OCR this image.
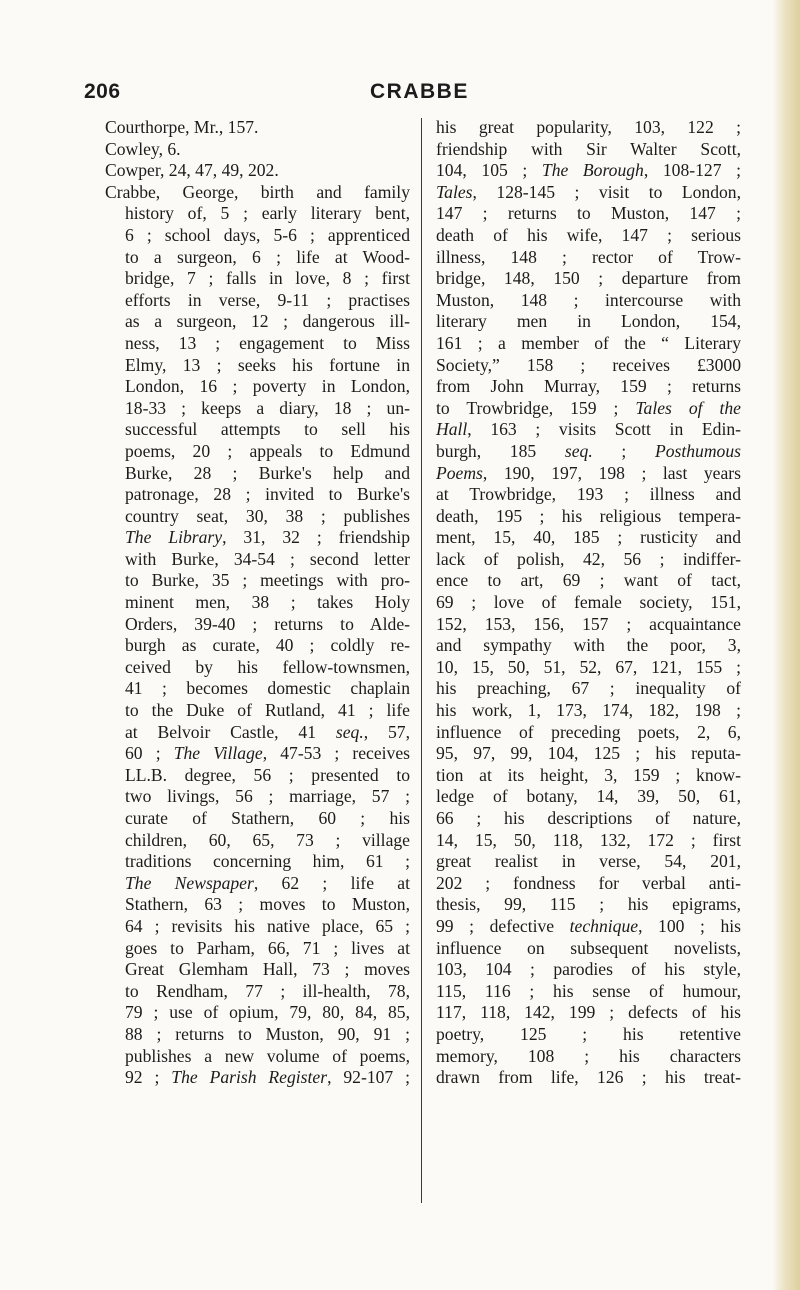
206	CRABBE
Courthorpe, Mr., 157.
Cowley, 6.
Cowper, 24, 47, 49, 202.
Crabbe, George, birth and family
history of, 5 ; early literary bent,
6 ; school days, 5-6 ; apprenticed
to a surgeon, 6 ; life at Wood-
bridge, 7 ; falls in love, 8 ; first
efforts in verse, 9-11 ; practises
as a surgeon, 12 ; dangerous ill-
ness, 13 ; engagement to Miss
Elmy, 13 ; seeks his fortune in
London, 16 ; poverty in London,
18-33 ; keeps a diary, 18 ; un-
successful attempts to sell his
poems, 20 ; appeals to Edmund
Burke, 28 ; Burke's help and
patronage, 28 ; invited to Burke's
country seat, 30, 38 ; publishes
The Library, 31, 32 ; friendship
with Burke, 34-54 ; second letter
to Burke, 35 ; meetings with pro-
minent men, 38 ; takes Holy
Orders, 39-40 ; returns to Alde-
burgh as curate, 40 ; coldly re-
ceived by his fellow-townsmen,
41 ; becomes domestic chaplain
to the Duke of Rutland, 41 ; life
at Belvoir Castle, 41 seq., 57,
60 ; The Village, 47-53 ; receives
LL.B. degree, 56 ; presented to
two livings, 56 ; marriage, 57 ;
curate of Stathern, 60 ; his
children, 60, 65, 73 ; village
traditions concerning him, 61 ;
The Newspaper, 62 ; life at
Stathern, 63 ; moves to Muston,
64 ; revisits his native place, 65 ;
goes to Parham, 66, 71 ; lives at
Great Glemham Hall, 73 ; moves
to Rendham, 77 ; ill-health, 78,
79 ; use of opium, 79, 80, 84, 85,
88 ; returns to Muston, 90, 91 ;
publishes a new volume of poems,
92 ; The Parish Register, 92-107 ;
his great popularity, 103, 122 ;
friendship with Sir Walter Scott,
104, 105 ; The Borough, 108-127 ;
Tales, 128-145 ; visit to London,
147 ; returns to Muston, 147 ;
death of his wife, 147 ; serious
illness, 148 ; rector of Trow-
bridge, 148, 150 ; departure from
Muston, 148 ; intercourse with
literary men in London, 154,
161 ; a member of the “ Literary
Society,” 158 ; receives £3000
from John Murray, 159 ; returns
to Trowbridge, 159 ; Tales of the
Hall, 163 ; visits Scott in Edin-
burgh, 185 seq. ; Posthumous
Poems, 190, 197, 198 ; last years
at Trowbridge, 193 ; illness and
death, 195 ; his religious tempera-
ment, 15, 40, 185 ; rusticity and
lack of polish, 42, 56 ; indiffer-
ence to art, 69 ; want of tact,
69 ; love of female society, 151,
152, 153, 156, 157 ; acquaintance
and sympathy with the poor, 3,
10, 15, 50, 51, 52, 67, 121, 155 ;
his preaching, 67 ; inequality of
his work, 1, 173, 174, 182, 198 ;
influence of preceding poets, 2, 6,
95, 97, 99, 104, 125 ; his reputa-
tion at its height, 3, 159 ; know-
ledge of botany, 14, 39, 50, 61,
66 ; his descriptions of nature,
14, 15, 50, 118, 132, 172 ; first
great realist in verse, 54, 201,
202 ; fondness for verbal anti-
thesis, 99, 115 ; his epigrams,
99 ; defective technique, 100 ; his
influence on subsequent novelists,
103, 104 ; parodies of his style,
115, 116 ; his sense of humour,
117, 118, 142, 199 ; defects of his
poetry, 125 ; his retentive
memory, 108 ; his characters
drawn from life, 126 ; his treat-
